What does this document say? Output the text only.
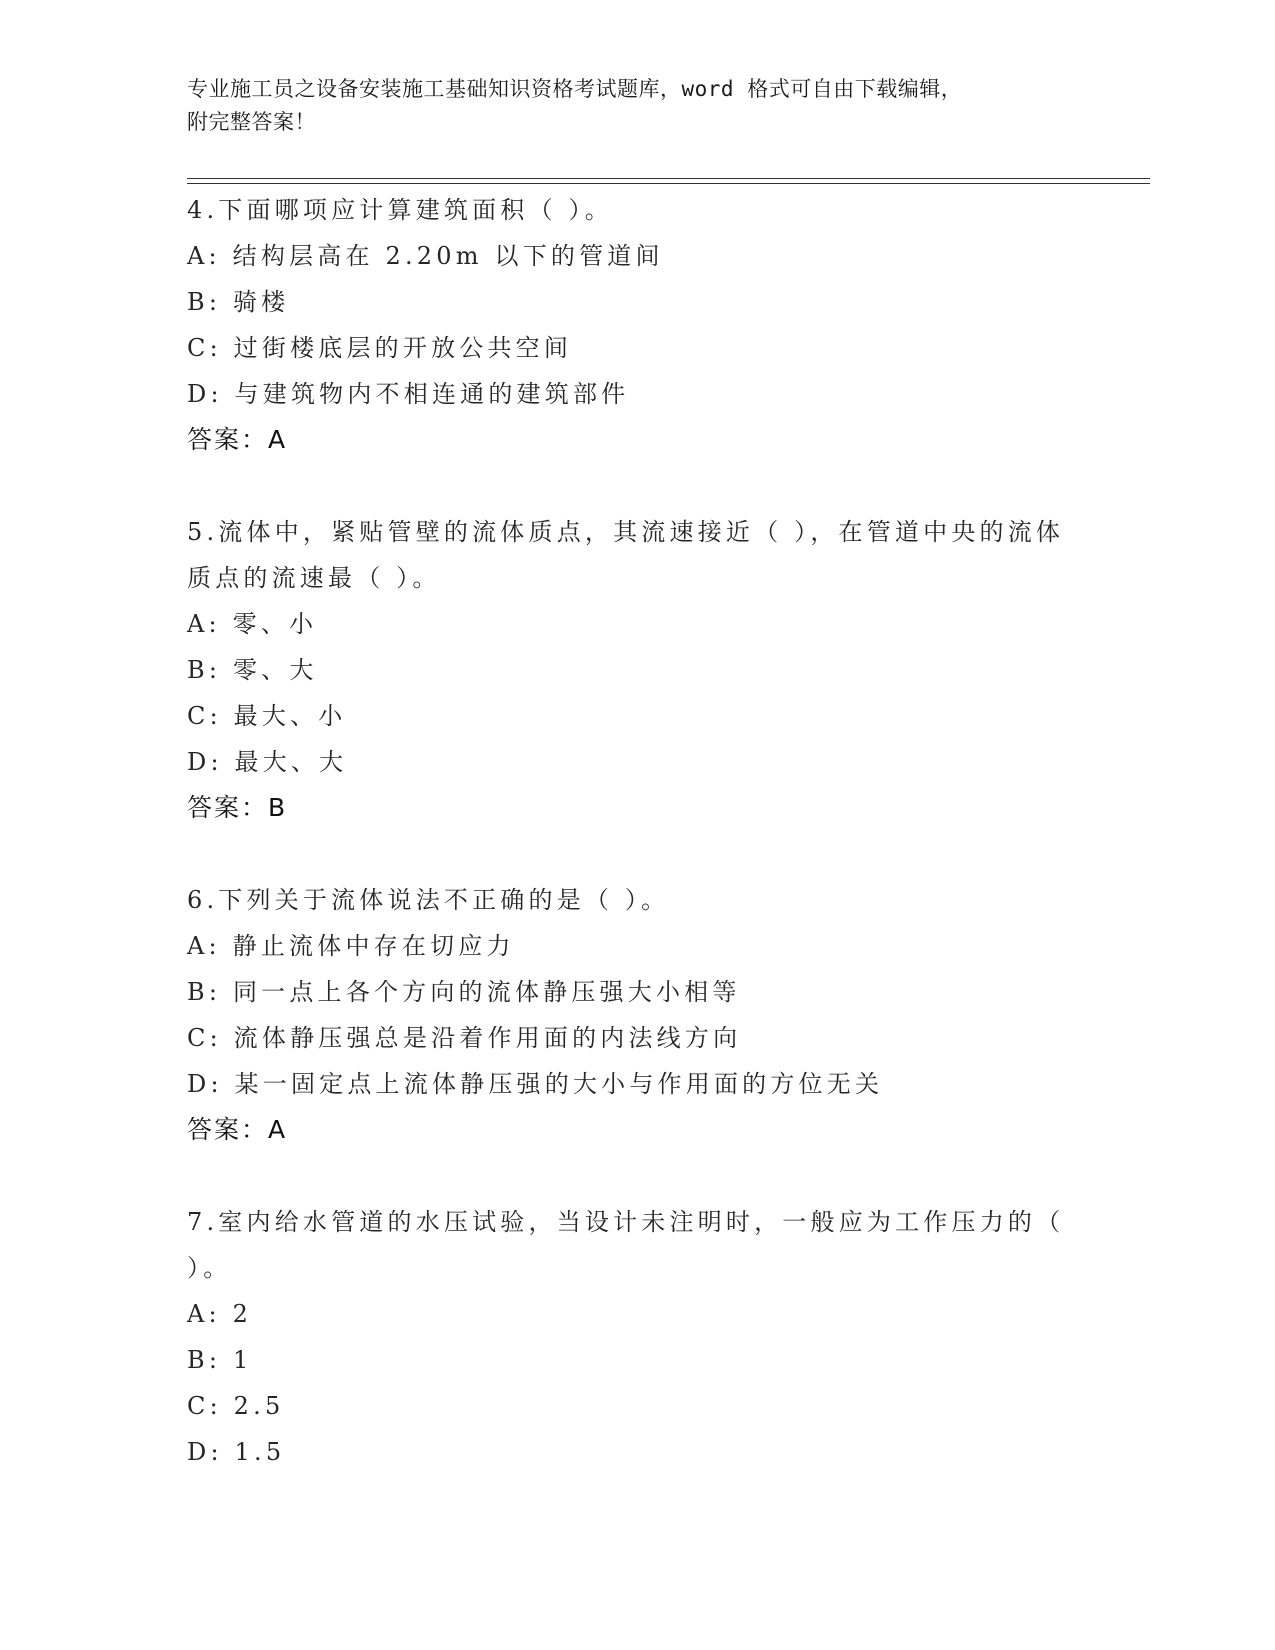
专业施工员之设备安装施工基础知识资格考试题库，word 格式可自由下载编辑，
附完整答案！
4.下面哪项应计算建筑面积（ ）。
A: 结构层高在 2.20m 以下的管道间
B: 骑楼
C: 过街楼底层的开放公共空间
D: 与建筑物内不相连通的建筑部件
答案：A
5.流体中，紧贴管壁的流体质点，其流速接近（ ），在管道中央的流体质点的流速最（ ）。
A: 零、小
B: 零、大
C: 最大、小
D: 最大、大
答案：B
6.下列关于流体说法不正确的是（ ）。
A: 静止流体中存在切应力
B: 同一点上各个方向的流体静压强大小相等
C: 流体静压强总是沿着作用面的内法线方向
D: 某一固定点上流体静压强的大小与作用面的方位无关
答案：A
7.室内给水管道的水压试验，当设计未注明时，一般应为工作压力的（ ）。
A: 2
B: 1
C: 2.5
D: 1.5
